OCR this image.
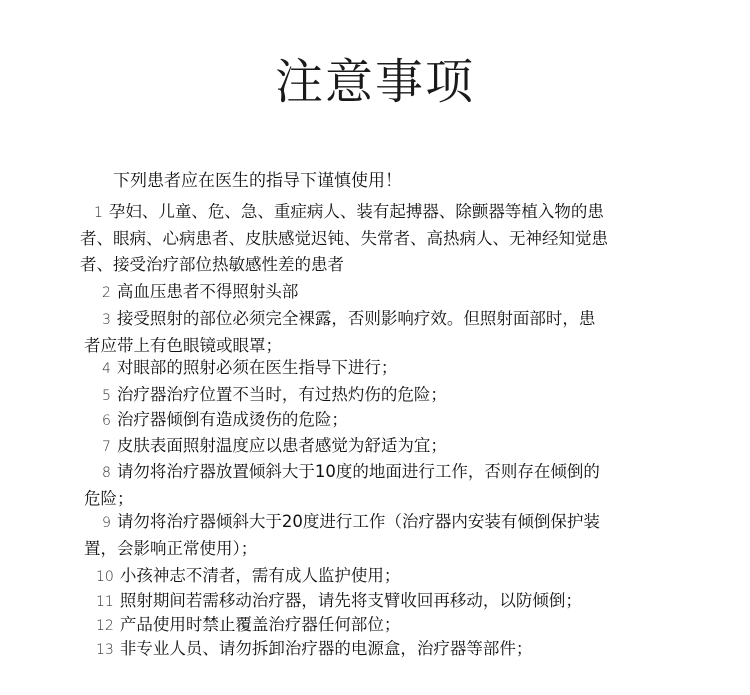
注意事项
下列患者应在医生的指导下谨慎使用！
1 孕妇、儿童、危、急、重症病人、装有起搏器、除颤器等植入物的患
者、眼病、心病患者、皮肤感觉迟钝、失常者、高热病人、无神经知觉患
者、接受治疗部位热敏感性差的患者
2 高血压患者不得照射头部
3 接受照射的部位必须完全裸露，否则影响疗效。但照射面部时，患
者应带上有色眼镜或眼罩；
4 对眼部的照射必须在医生指导下进行；
5 治疗器治疗位置不当时，有过热灼伤的危险；
6 治疗器倾倒有造成烫伤的危险；
7 皮肤表面照射温度应以患者感觉为舒适为宜；
8 请勿将治疗器放置倾斜大于10度的地面进行工作，否则存在倾倒的
危险；
9 请勿将治疗器倾斜大于20度进行工作（治疗器内安装有倾倒保护装
置，会影响正常使用）；
10 小孩神志不清者，需有成人监护使用；
11 照射期间若需移动治疗器，请先将支臂收回再移动，以防倾倒；
12 产品使用时禁止覆盖治疗器任何部位；
13 非专业人员、请勿拆卸治疗器的电源盒，治疗器等部件；
